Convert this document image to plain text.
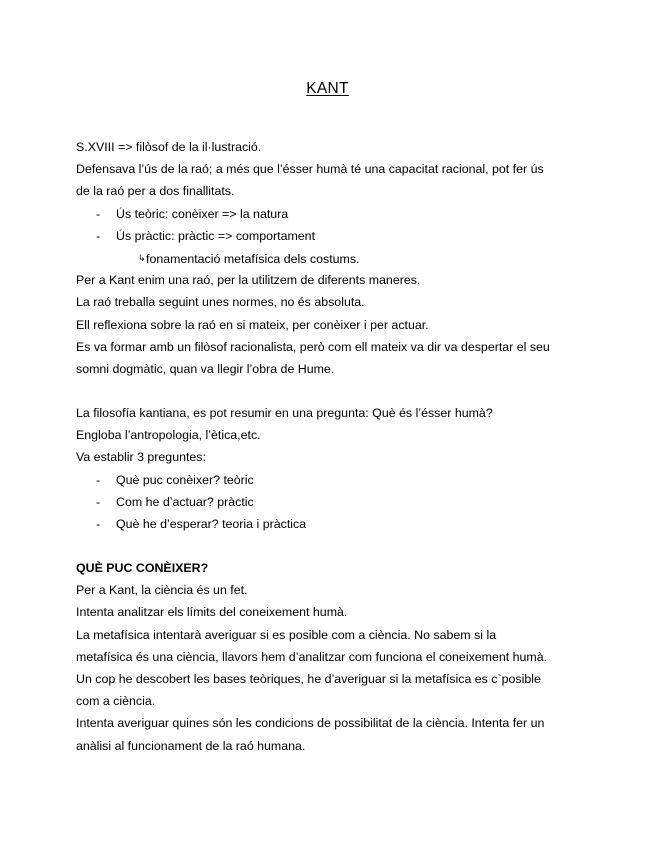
KANT
S.XVIII => filòsof de la il·lustració.
Defensava l’ús de la raó; a més que l’ésser humà té una capacitat racional, pot fer ús
de la raó per a dos finallitats.
- Ús teòric: conèixer => la natura
- Ús pràctic: pràctic => comportament
↳fonamentació metafísica dels costums.
Per a Kant enim una raó, per la utilitzem de diferents maneres.
La raó treballa seguint unes normes, no és absoluta.
Ell reflexiona sobre la raó en si mateix, per conèixer i per actuar.
Es va formar amb un filòsof racionalista, però com ell mateix va dir va despertar el seu
somni dogmàtic, quan va llegir l’obra de Hume.
La filosofía kantiana, es pot resumir en una pregunta: Què és l’ésser humà?
Engloba l’antropologia, l’ètica,etc.
Va establir 3 preguntes:
- Què puc conèixer? teòric
- Com he d’actuar? pràctic
- Què he d’esperar? teoria i pràctica
QUÈ PUC CONÈIXER?
Per a Kant, la ciència és un fet.
Intenta analitzar els límits del coneixement humà.
La metafísica intentarà averiguar si es posible com a ciència. No sabem si la
metafísica és una ciència, llavors hem d’analitzar com funciona el coneixement humà.
Un cop he descobert les bases teòriques, he d’averiguar si la metafísica es c`posible
com a ciència.
Intenta averiguar quines són les condicions de possibilitat de la ciència. Intenta fer un
anàlisi al funcionament de la raó humana.
